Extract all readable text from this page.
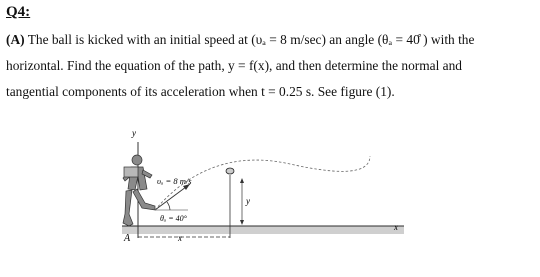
Q4:

(A) The ball is kicked with an initial speed at (υₐ = 8 m/sec) an angle (θₐ = 40̊ ) with the
horizontal. Find the equation of the path, y = f(x), and then determine the normal and
tangential components of its acceleration when t = 0.25 s. See figure (1).
y
x
A
υₐ = 8 m/s
θₐ = 40°
y
x
